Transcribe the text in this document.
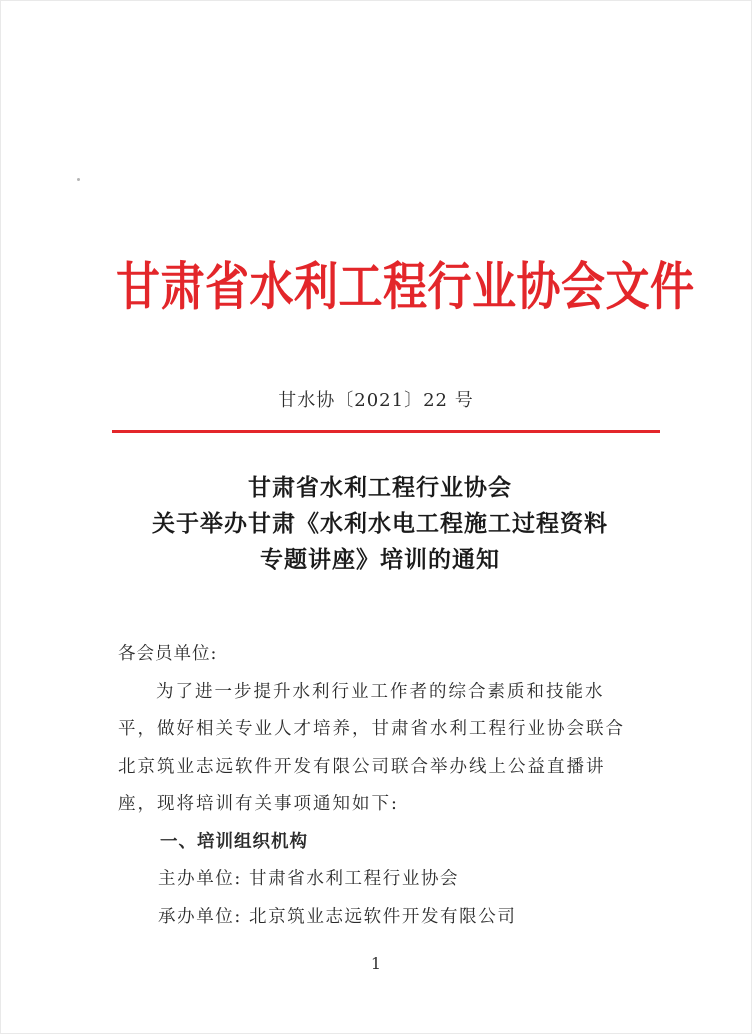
甘肃省水利工程行业协会文件
甘水协〔2021〕22 号
甘肃省水利工程行业协会
关于举办甘肃《水利水电工程施工过程资料
专题讲座》培训的通知
各会员单位:
为了进一步提升水利行业工作者的综合素质和技能水
平，做好相关专业人才培养，甘肃省水利工程行业协会联合
北京筑业志远软件开发有限公司联合举办线上公益直播讲
座，现将培训有关事项通知如下:
一、培训组织机构
主办单位: 甘肃省水利工程行业协会
承办单位: 北京筑业志远软件开发有限公司
1
